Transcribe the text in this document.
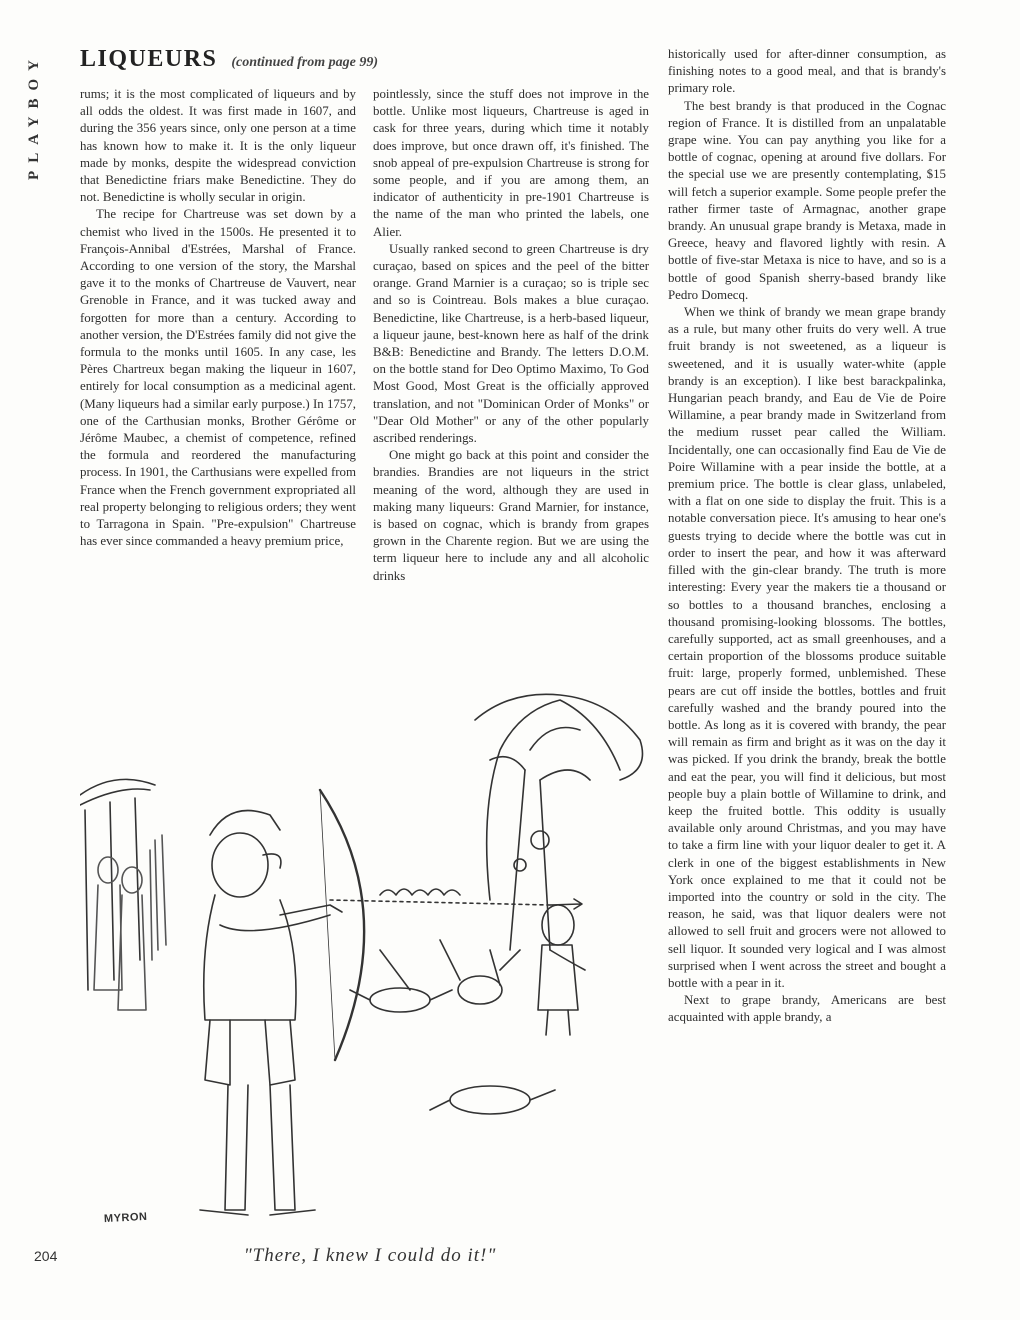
PLAYBOY LIQUEURS (continued from page 99)

rums; it is the most complicated of liqueurs and by all odds the oldest. It was first made in 1607, and during the 356 years since, only one person at a time has known how to make it. It is the only liqueur made by monks, despite the widespread conviction that Benedictine friars make Benedictine. They do not. Benedictine is wholly secular in origin.

The recipe for Chartreuse was set down by a chemist who lived in the 1500s. He presented it to François-Annibal d'Estrées, Marshal of France. According to one version of the story, the Marshal gave it to the monks of Chartreuse de Vauvert, near Grenoble in France, and it was tucked away and forgotten for more than a century. According to another version, the D'Estrées family did not give the formula to the monks until 1605. In any case, les Pères Chartreux began making the liqueur in 1607, entirely for local consumption as a medicinal agent. (Many liqueurs had a similar early purpose.) In 1757, one of the Carthusian monks, Brother Gérôme or Jérôme Maubec, a chemist of competence, refined the formula and reordered the manufacturing process. In 1901, the Carthusians were expelled from France when the French government expropriated all real property belonging to religious orders; they went to Tarragona in Spain. "Pre-expulsion" Chartreuse has ever since commanded a heavy premium price,

pointlessly, since the stuff does not improve in the bottle. Unlike most liqueurs, Chartreuse is aged in cask for three years, during which time it notably does improve, but once drawn off, it's finished. The snob appeal of pre-expulsion Chartreuse is strong for some people, and if you are among them, an indicator of authenticity in pre-1901 Chartreuse is the name of the man who printed the labels, one Alier.

Usually ranked second to green Chartreuse is dry curaçao, based on spices and the peel of the bitter orange. Grand Marnier is a curaçao; so is triple sec and so is Cointreau. Bols makes a blue curaçao. Benedictine, like Chartreuse, is a herb-based liqueur, a liqueur jaune, best-known here as half of the drink B&B: Benedictine and Brandy. The letters D.O.M. on the bottle stand for Deo Optimo Maximo, To God Most Good, Most Great is the officially approved translation, and not "Dominican Order of Monks" or "Dear Old Mother" or any of the other popularly ascribed renderings.

One might go back at this point and consider the brandies. Brandies are not liqueurs in the strict meaning of the word, although they are used in making many liqueurs: Grand Marnier, for instance, is based on cognac, which is brandy from grapes grown in the Charente region. But we are using the term liqueur here to include any and all alcoholic drinks

historically used for after-dinner consumption, as finishing notes to a good meal, and that is brandy's primary role.

The best brandy is that produced in the Cognac region of France. It is distilled from an unpalatable grape wine. You can pay anything you like for a bottle of cognac, opening at around five dollars. For the special use we are presently contemplating, $15 will fetch a superior example. Some people prefer the rather firmer taste of Armagnac, another grape brandy. An unusual grape brandy is Metaxa, made in Greece, heavy and flavored lightly with resin. A bottle of five-star Metaxa is nice to have, and so is a bottle of good Spanish sherry-based brandy like Pedro Domecq.

When we think of brandy we mean grape brandy as a rule, but many other fruits do very well. A true fruit brandy is not sweetened, as a liqueur is sweetened, and it is usually water-white (apple brandy is an exception). I like best barackpalinka, Hungarian peach brandy, and Eau de Vie de Poire Willamine, a pear brandy made in Switzerland from the medium russet pear called the William. Incidentally, one can occasionally find Eau de Vie de Poire Willamine with a pear inside the bottle, at a premium price. The bottle is clear glass, unlabeled, with a flat on one side to display the fruit. This is a notable conversation piece. It's amusing to hear one's guests trying to decide where the bottle was cut in order to insert the pear, and how it was afterward filled with the gin-clear brandy. The truth is more interesting: Every year the makers tie a thousand or so bottles to a thousand branches, enclosing a thousand promising-looking blossoms. The bottles, carefully supported, act as small greenhouses, and a certain proportion of the blossoms produce suitable fruit: large, properly formed, unblemished. These pears are cut off inside the bottles, bottles and fruit carefully washed and the brandy poured into the bottle. As long as it is covered with brandy, the pear will remain as firm and bright as it was on the day it was picked. If you drink the brandy, break the bottle and eat the pear, you will find it delicious, but most people buy a plain bottle of Willamine to drink, and keep the fruited bottle. This oddity is usually available only around Christmas, and you may have to take a firm line with your liquor dealer to get it. A clerk in one of the biggest establishments in New York once explained to me that it could not be imported into the country or sold in the city. The reason, he said, was that liquor dealers were not allowed to sell fruit and grocers were not allowed to sell liquor. It sounded very logical and I was almost surprised when I went across the street and bought a bottle with a pear in it.

Next to grape brandy, Americans are best acquainted with apple brandy, a

MYRON
204	"There, I knew I could do it!"
